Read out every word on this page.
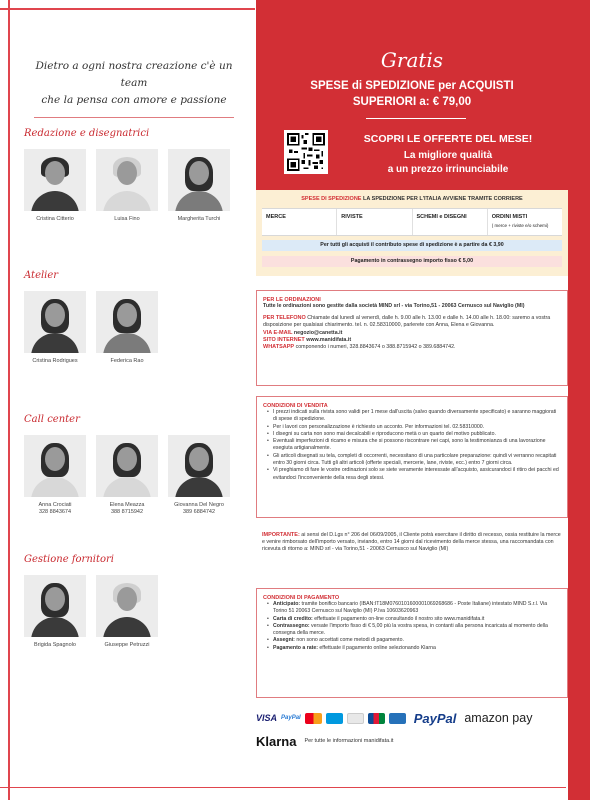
Dietro a ogni nostra creazione c'è un team
che la pensa con amore e passione
Redazione e disegnatrici
Cristina Citterio	Luisa Fino	Margherita Turchi
Atelier
Cristina Rodrigues	Federica Rao
Call center
Anna Crociati
328 8843674
Elena Meazza
388 8715942
Giovanna Del Negro
389 6884742
Gestione fornitori
Brigida Spagnolo	Giuseppe Petruzzi
Gratis
SPESE di SPEDIZIONE per ACQUISTI
SUPERIORI a: € 79,00
SCOPRI LE OFFERTE DEL MESE!
La migliore qualità
a un prezzo irrinunciabile
SPESE DI SPEDIZIONE LA SPEDIZIONE PER L'ITALIA AVVIENE TRAMITE CORRIERE
MERCE	RIVISTE	SCHEMI e DISEGNI	ORDINI MISTI
( merce + riviste e/o schemi)
Per tutti gli acquisti il contributo spese di spedizione è a partire da € 3,90
Pagamento in contrassegno importo fisso € 5,00
PER LE ORDINAZIONI
Tutte le ordinazioni sono gestite dalla società MIND srl - via Torino,51 - 20063 Cernusco sul Naviglio (MI)
PER TELEFONO Chiamate dal lunedì al venerdì, dalle h. 9.00 alle h. 13.00 e dalle h. 14.00 alle h. 18.00: saremo a vostra disposizione per qualsiasi chiarimento. tel. n. 02.58310000, parlerete con Anna, Elena e Giovanna.
VIA E-MAIL negozio@canetta.it
SITO INTERNET www.manidifata.it
WHATSAPP componendo i numeri, 328.8843674 o 388.8715942 o 389.6884742.
CONDIZIONI DI VENDITA
• I prezzi indicati sulla rivista sono validi per 1 mese dall'uscita (salvo quando diversamente specificato) e saranno maggiorati di spese di spedizione.
• Per i lavori con personalizzazione è richiesto un acconto. Per informazioni tel. 02.58310000.
• I disegni su carta non sono mai decalcabili e riproducono metà o un quarto del motivo pubblicato.
• Eventuali imperfezioni di ricamo e misura che si possono riscontrare nei capi, sono la testimonianza di una lavorazione esegiuta artigianalmente.
• Gli articoli disegnati su tela, completi di occorrenti, necessitano di una particolare preparazione: quindi vi verranno recapitati entro 30 giorni circa. Tutti gli altri articoli (offerte speciali, merceri​e, lane, riviste, ecc.) entro 7 giorni circa.
• Vi preghiamo di fare le vostre ordinazioni solo se siete veramente interessate all'acquisto, assicurandoci il ritiro dei pacchi ed evitandoci l'inconveniente della resa degli stessi.
IMPORTANTE: ai sensi del D.Lgs n° 206 del 06/09/2005, il Cliente potrà esercitare il diritto di recesso, ossia restituire la merce e venire rimborsato dell'importo versato, inviando, entro 14 giorni dal ricevimento della merce stessa, una raccomandata con ricevuta di ritorno a: MIND srl - via Torino,51 - 20063 Cernusco sul Naviglio (MI)
CONDIZIONI DI PAGAMENTO
• Anticipato: tramite bonifico bancario (IBAN:IT18M0760101600001069268686 - Poste Italiane) intestato MIND S.r.l. Via Torino 51 20063 Cernusco sul Naviglio (MI) P.Iva 10603620963
• Carta di credito: effettuate il pagamento on-line consultando il nostro sito www.manidifata.it
• Contrassegno: versate l'importo fisso di € 5,00 più la vostra spesa, in contanti alla persona incaricata al momento della consegna della merce.
• Assegni: non sono accettati come metodi di pagamento.
• Pagamento a rate: effettuate il pagamento online selezionando Klarna
VISA PayPal	PayPal amazon pay
Klarna Per tutte le informazioni manidifata.it
